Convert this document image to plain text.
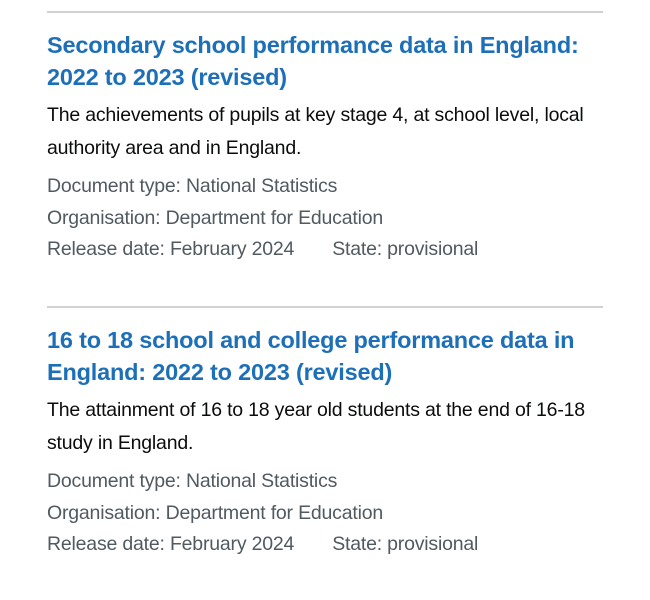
Secondary school performance data in England: 2022 to 2023 (revised)

The achievements of pupils at key stage 4, at school level, local authority area and in England.

Document type: National Statistics
Organisation: Department for Education
Release date: February 2024 State: provisional
16 to 18 school and college performance data in England: 2022 to 2023 (revised)

The attainment of 16 to 18 year old students at the end of 16-18 study in England.

Document type: National Statistics
Organisation: Department for Education
Release date: February 2024 State: provisional
